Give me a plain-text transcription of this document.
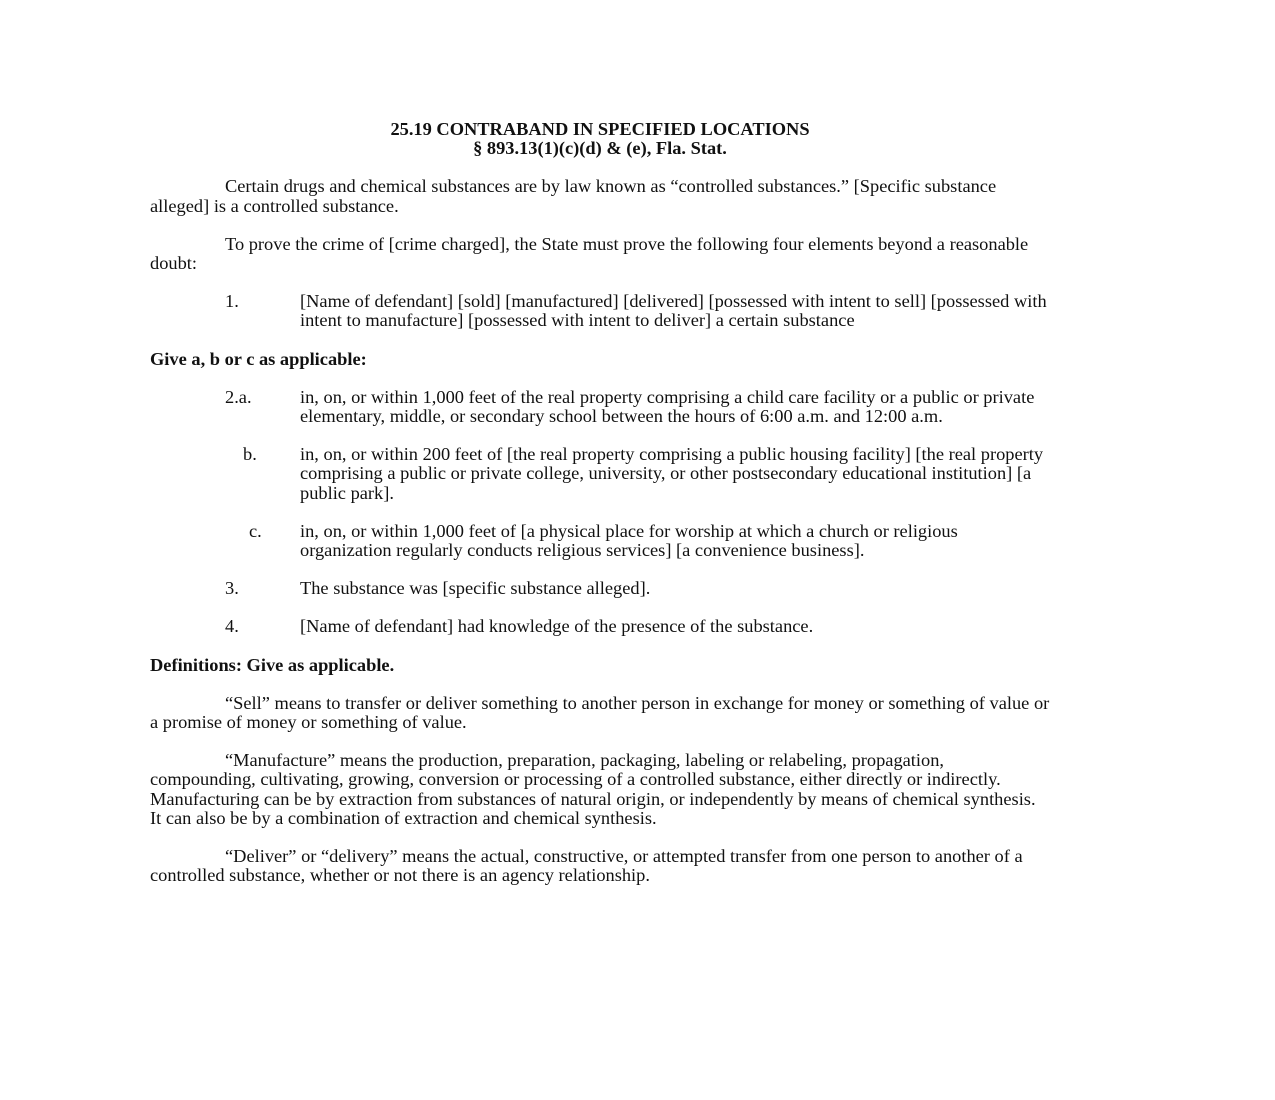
25.19 CONTRABAND IN SPECIFIED LOCATIONS

§ 893.13(1)(c)(d) & (e), Fla. Stat.

Certain drugs and chemical substances are by law known as “controlled substances.” [Specific substance alleged] is a controlled substance.

To prove the crime of [crime charged], the State must prove the following four elements beyond a reasonable doubt:

1.	[Name of defendant] [sold] [manufactured] [delivered] [possessed with intent to sell] [possessed with intent to manufacture] [possessed with intent to deliver] a certain substance

Give a, b or c as applicable:

2.a.	in, on, or within 1,000 feet of the real property comprising a child care facility or a public or private elementary, middle, or secondary school between the hours of 6:00 a.m. and 12:00 a.m.
b. in, on, or within 200 feet of [the real property comprising a public housing facility] [the real property comprising a public or private college, university, or other postsecondary educational institution] [a public park].
c. in, on, or within 1,000 feet of [a physical place for worship at which a church or religious organization regularly conducts religious services] [a convenience business].
3.	The substance was [specific substance alleged].
4.	[Name of defendant] had knowledge of the presence of the substance.

Definitions: Give as applicable.

“Sell” means to transfer or deliver something to another person in exchange for money or something of value or a promise of money or something of value.

“Manufacture” means the production, preparation, packaging, labeling or relabeling, propagation, compounding, cultivating, growing, conversion or processing of a controlled substance, either directly or indirectly. Manufacturing can be by extraction from substances of natural origin, or independently by means of chemical synthesis. It can also be by a combination of extraction and chemical synthesis.

“Deliver” or “delivery” means the actual, constructive, or attempted transfer from one person to another of a controlled substance, whether or not there is an agency relationship.
